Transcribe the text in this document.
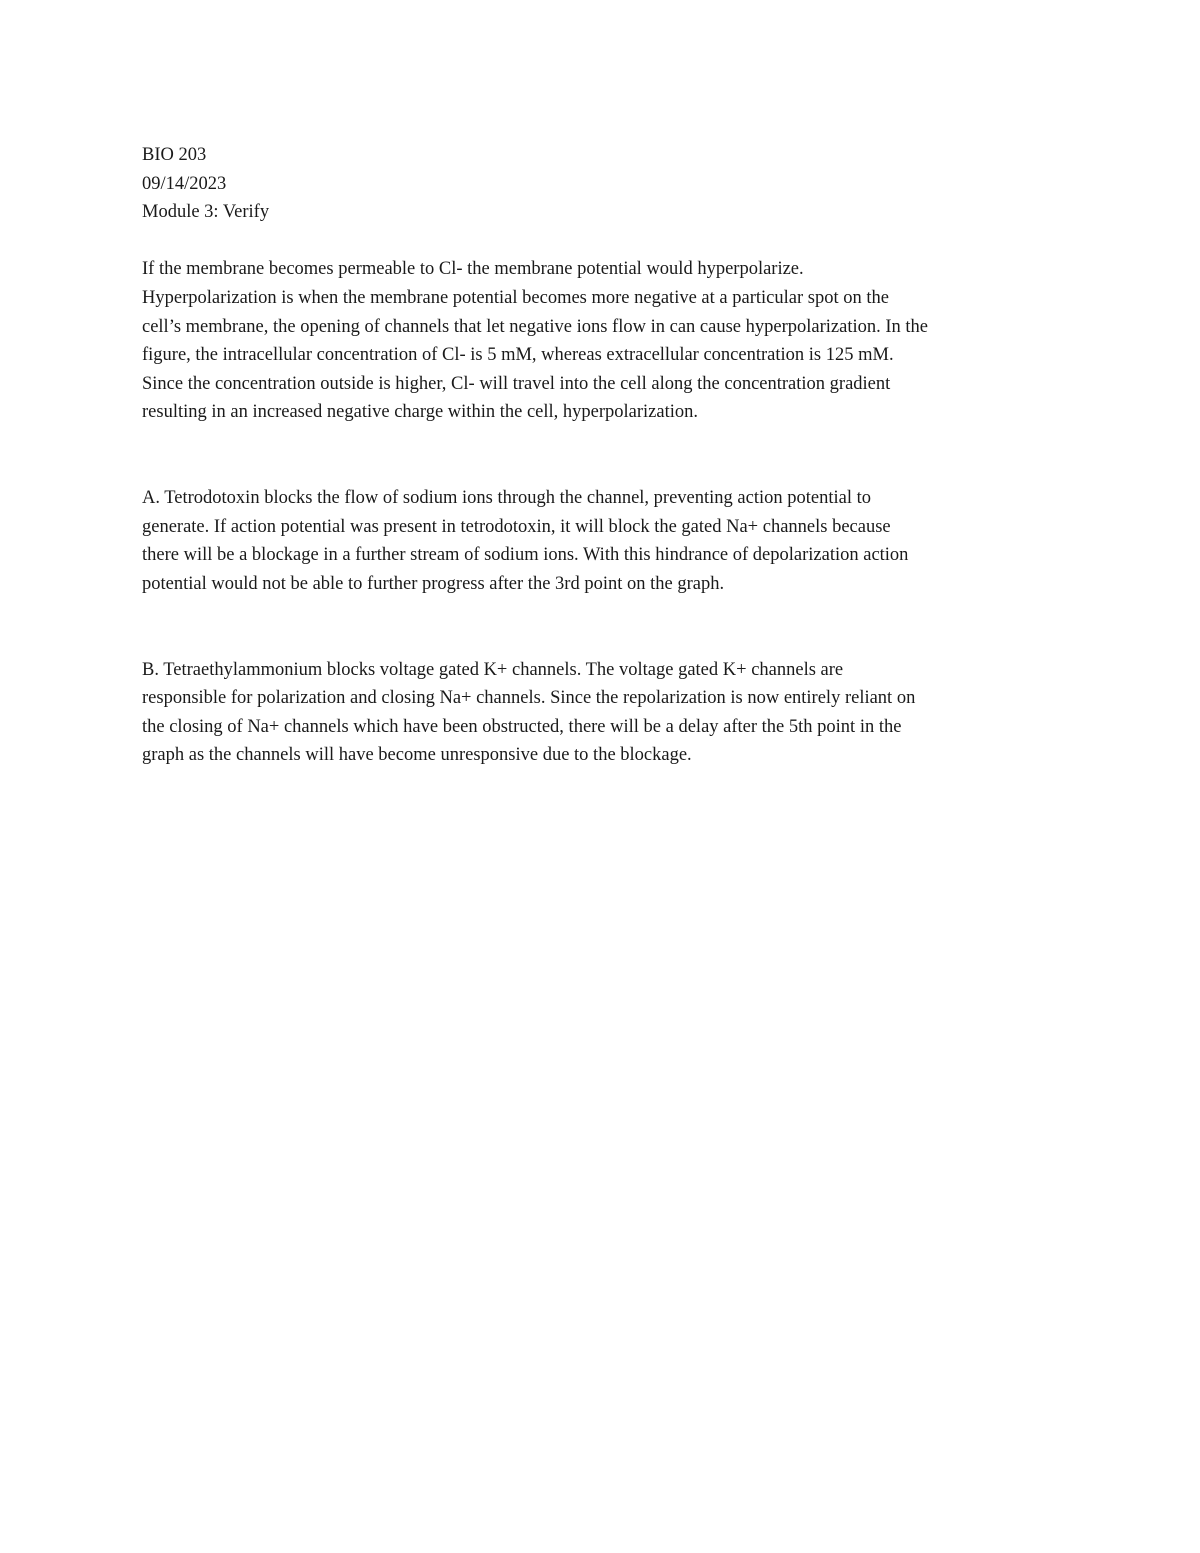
BIO 203
09/14/2023
Module 3: Verify
If the membrane becomes permeable to Cl- the membrane potential would hyperpolarize.
Hyperpolarization is when the membrane potential becomes more negative at a particular spot on the
cell’s membrane, the opening of channels that let negative ions flow in can cause hyperpolarization. In the
figure, the intracellular concentration of Cl- is 5 mM, whereas extracellular concentration is 125 mM.
Since the concentration outside is higher, Cl- will travel into the cell along the concentration gradient
resulting in an increased negative charge within the cell, hyperpolarization.
A. Tetrodotoxin blocks the flow of sodium ions through the channel, preventing action potential to
generate. If action potential was present in tetrodotoxin, it will block the gated Na+ channels because
there will be a blockage in a further stream of sodium ions. With this hindrance of depolarization action
potential would not be able to further progress after the 3rd point on the graph.
B. Tetraethylammonium blocks voltage gated K+ channels. The voltage gated K+ channels are
responsible for polarization and closing Na+ channels. Since the repolarization is now entirely reliant on
the closing of Na+ channels which have been obstructed, there will be a delay after the 5th point in the
graph as the channels will have become unresponsive due to the blockage.
